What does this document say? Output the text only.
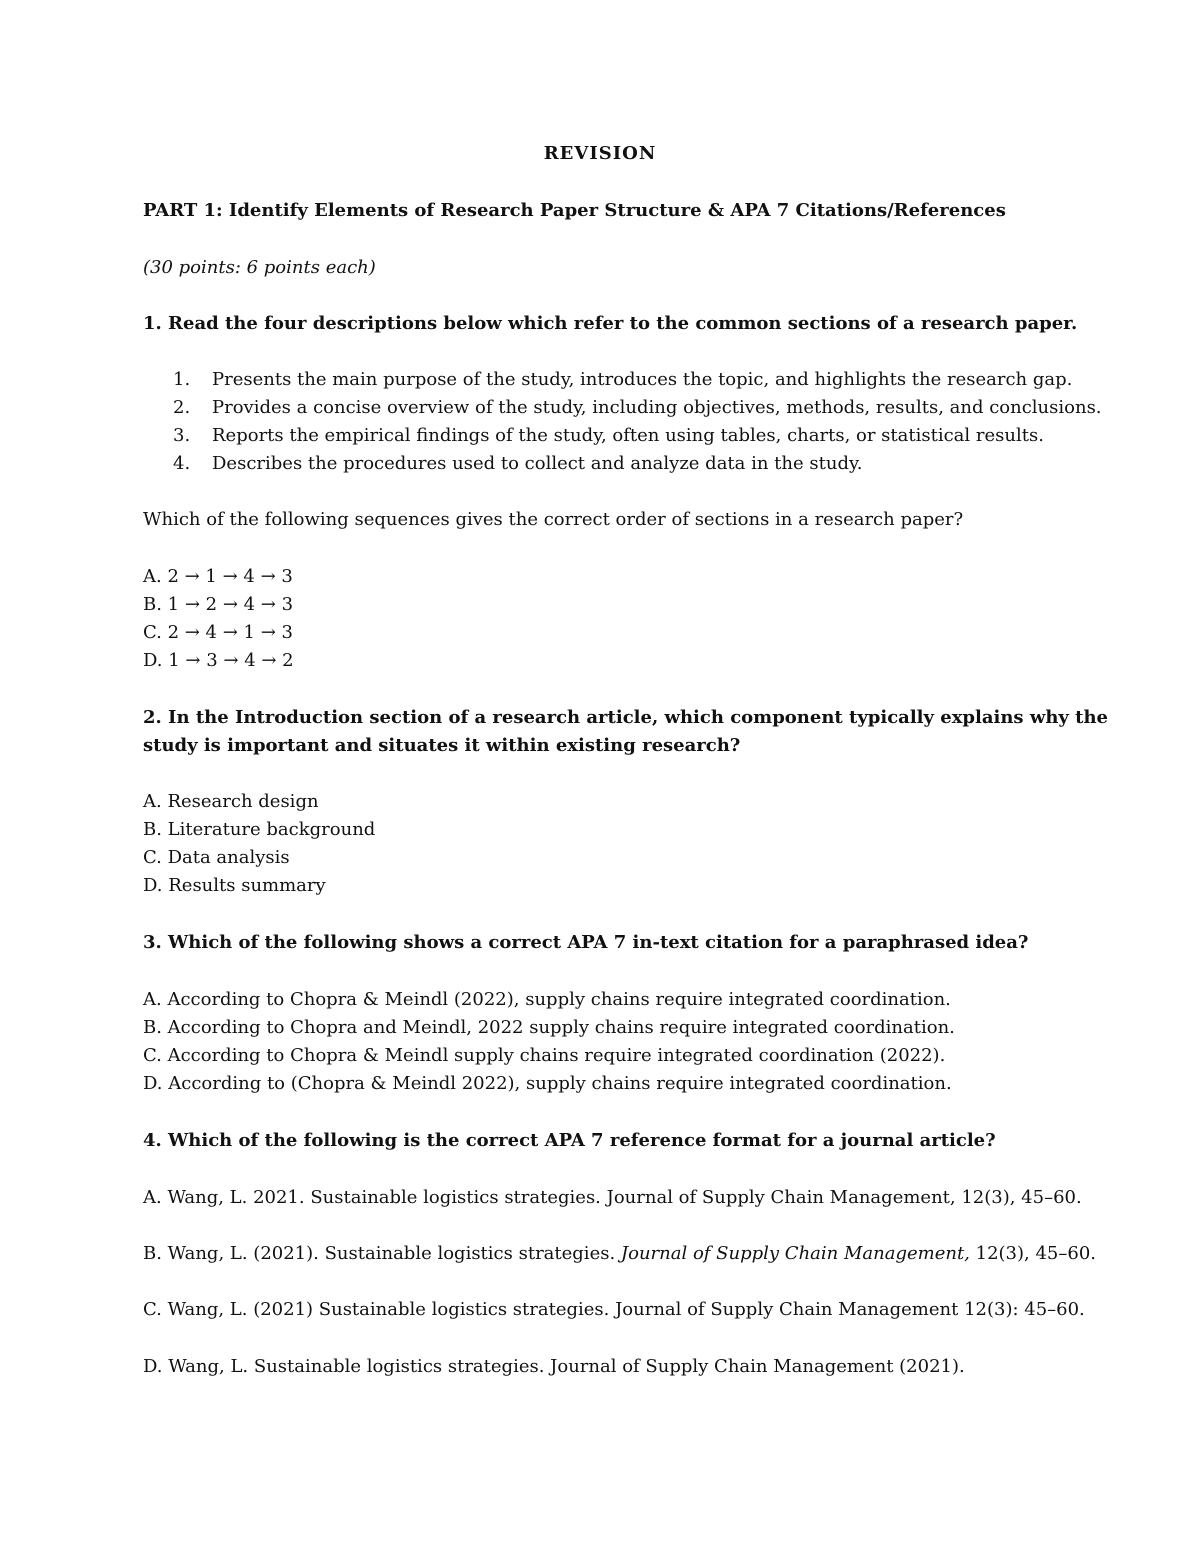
REVISION
PART 1: Identify Elements of Research Paper Structure & APA 7 Citations/References
(30 points: 6 points each)
1. Read the four descriptions below which refer to the common sections of a research paper.
1. Presents the main purpose of the study, introduces the topic, and highlights the research gap.
2. Provides a concise overview of the study, including objectives, methods, results, and conclusions.
3. Reports the empirical findings of the study, often using tables, charts, or statistical results.
4. Describes the procedures used to collect and analyze data in the study.
Which of the following sequences gives the correct order of sections in a research paper?
A. 2 → 1 → 4 → 3
B. 1 → 2 → 4 → 3
C. 2 → 4 → 1 → 3
D. 1 → 3 → 4 → 2
2. In the Introduction section of a research article, which component typically explains why the
study is important and situates it within existing research?
A. Research design
B. Literature background
C. Data analysis
D. Results summary
3. Which of the following shows a correct APA 7 in-text citation for a paraphrased idea?
A. According to Chopra & Meindl (2022), supply chains require integrated coordination.
B. According to Chopra and Meindl, 2022 supply chains require integrated coordination.
C. According to Chopra & Meindl supply chains require integrated coordination (2022).
D. According to (Chopra & Meindl 2022), supply chains require integrated coordination.
4. Which of the following is the correct APA 7 reference format for a journal article?
A. Wang, L. 2021. Sustainable logistics strategies. Journal of Supply Chain Management, 12(3), 45–60.
B. Wang, L. (2021). Sustainable logistics strategies. Journal of Supply Chain Management, 12(3), 45–60.
C. Wang, L. (2021) Sustainable logistics strategies. Journal of Supply Chain Management 12(3): 45–60.
D. Wang, L. Sustainable logistics strategies. Journal of Supply Chain Management (2021).
